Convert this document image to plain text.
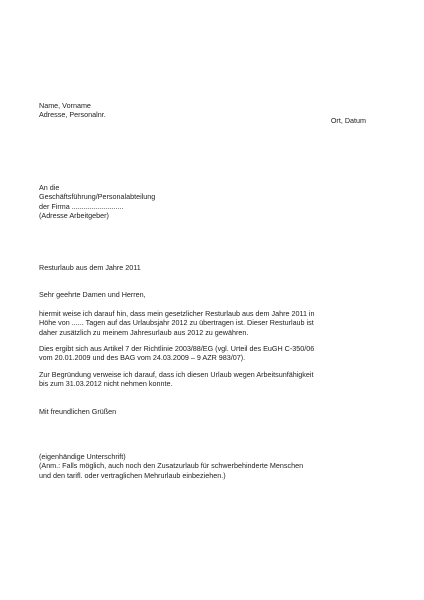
Name, Vorname
Adresse, Personalnr.
Ort, Datum
An die
Geschäftsführung/Personalabteilung
der Firma ..........................
(Adresse Arbeitgeber)
Resturlaub aus dem Jahre 2011
Sehr geehrte Damen und Herren,
hiermit weise ich darauf hin, dass mein gesetzlicher Resturlaub aus dem Jahre 2011 in
Höhe von ...... Tagen auf das Urlaubsjahr 2012 zu übertragen ist. Dieser Resturlaub ist
daher zusätzlich zu meinem Jahresurlaub aus 2012 zu gewähren.
Dies ergibt sich aus Artikel 7 der Richtlinie 2003/88/EG (vgl. Urteil des EuGH C-350/06
vom 20.01.2009 und des BAG vom 24.03.2009 – 9 AZR 983/07).
Zur Begründung verweise ich darauf, dass ich diesen Urlaub wegen Arbeitsunfähigkeit
bis zum 31.03.2012 nicht nehmen konnte.
Mit freundlichen Grüßen
(eigenhändige Unterschrift)
(Anm.: Falls möglich, auch noch den Zusatzurlaub für schwerbehinderte Menschen
und den tarifl. oder vertraglichen Mehrurlaub einbeziehen.)
